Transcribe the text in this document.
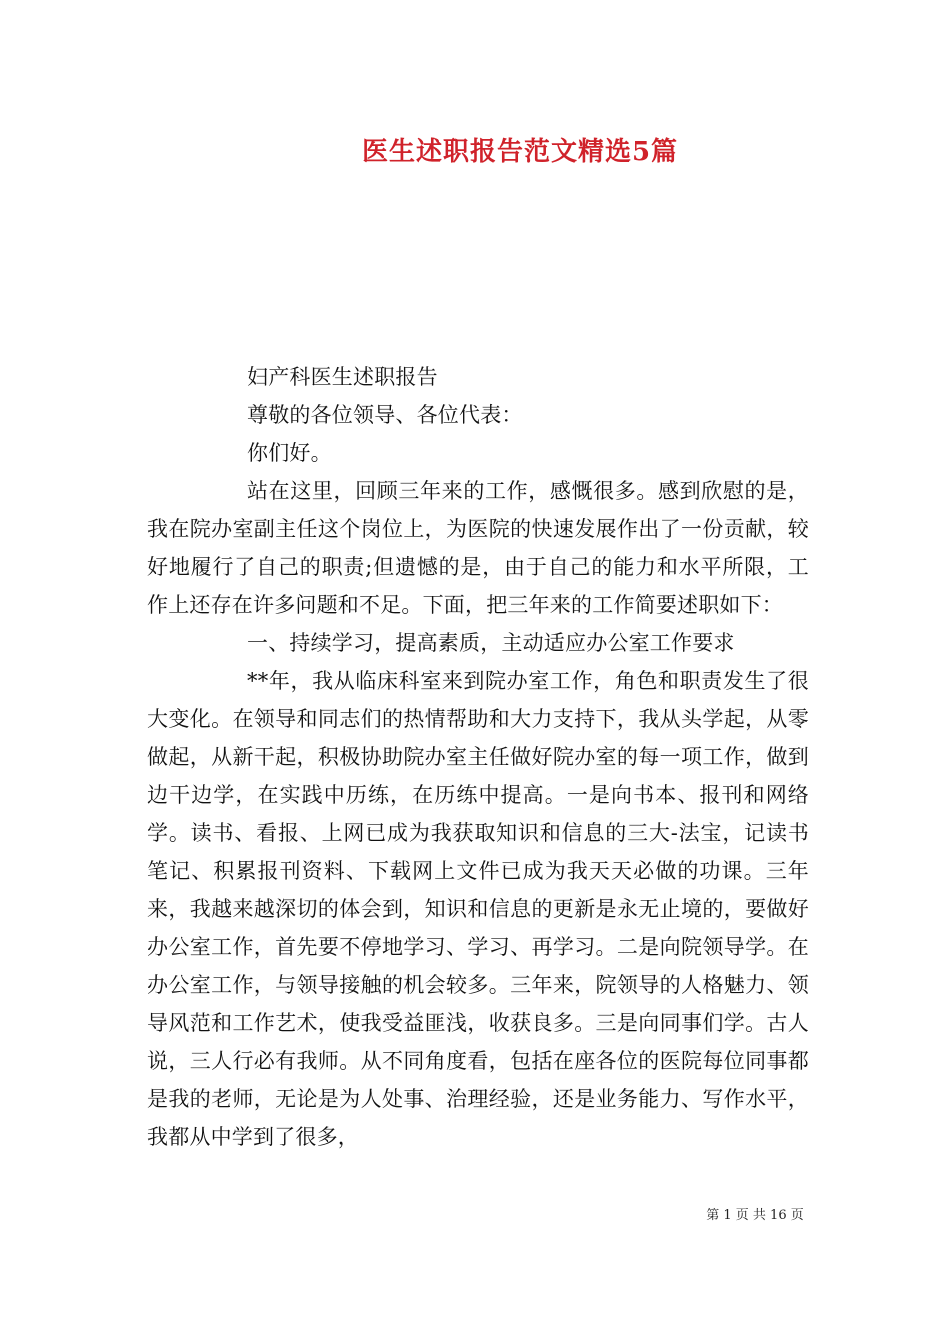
医生述职报告范文精选5篇

妇产科医生述职报告

尊敬的各位领导、各位代表：

你们好。

站在这里，回顾三年来的工作，感慨很多。感到欣慰的是，我在院办室副主任这个岗位上，为医院的快速发展作出了一份贡献，较好地履行了自己的职责;但遗憾的是，由于自己的能力和水平所限，工作上还存在许多问题和不足。下面，把三年来的工作简要述职如下：

一、持续学习，提高素质，主动适应办公室工作要求

**年，我从临床科室来到院办室工作，角色和职责发生了很大变化。在领导和同志们的热情帮助和大力支持下，我从头学起，从零做起，从新干起，积极协助院办室主任做好院办室的每一项工作，做到边干边学，在实践中历练，在历练中提高。一是向书本、报刊和网络学。读书、看报、上网已成为我获取知识和信息的三大-法宝，记读书笔记、积累报刊资料、下载网上文件已成为我天天必做的功课。三年来，我越来越深切的体会到，知识和信息的更新是永无止境的，要做好办公室工作，首先要不停地学习、学习、再学习。二是向院领导学。在办公室工作，与领导接触的机会较多。三年来，院领导的人格魅力、领导风范和工作艺术，使我受益匪浅，收获良多。三是向同事们学。古人说，三人行必有我师。从不同角度看，包括在座各位的医院每位同事都是我的老师，无论是为人处事、治理经验，还是业务能力、写作水平，我都从中学到了很多，

第 1 页 共 16 页
